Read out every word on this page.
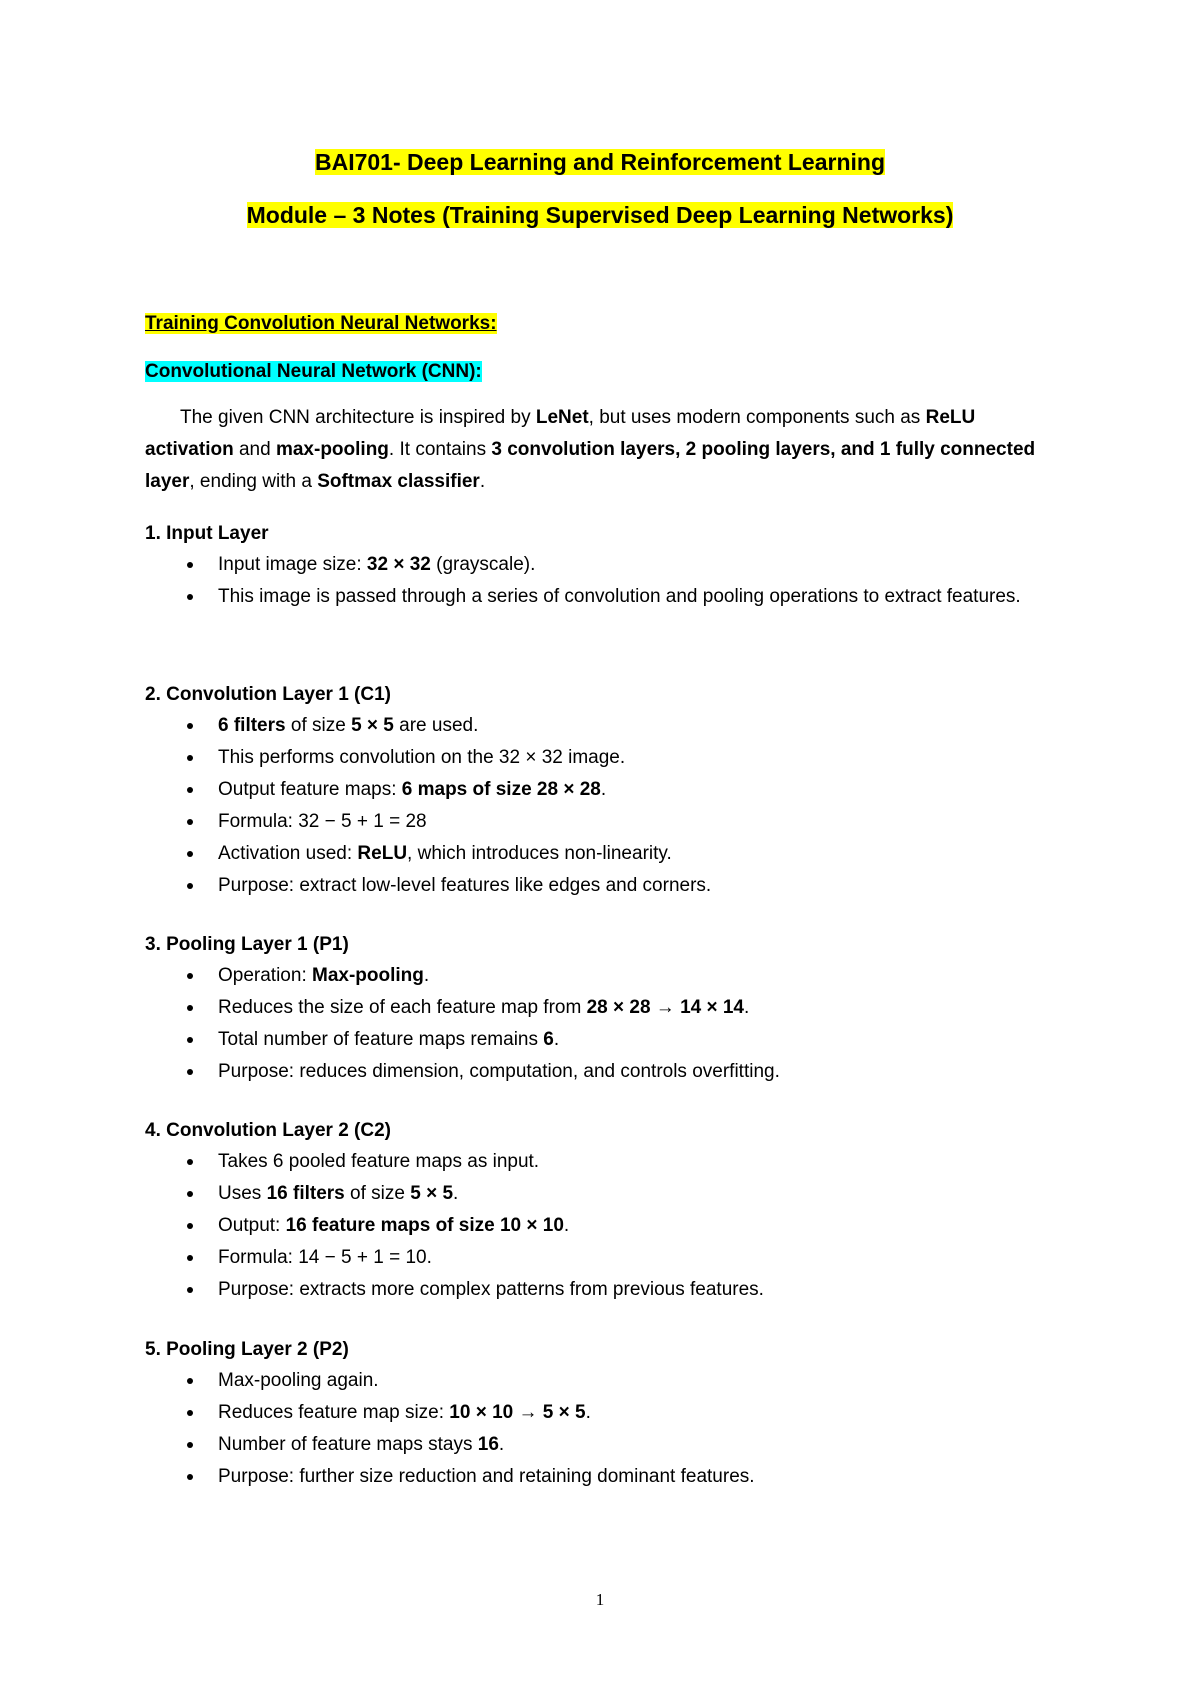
BAI701- Deep Learning and Reinforcement Learning
Module – 3 Notes (Training Supervised Deep Learning Networks)
Training Convolution Neural Networks:
Convolutional Neural Network (CNN):
The given CNN architecture is inspired by LeNet, but uses modern components such as ReLU activation and max-pooling. It contains 3 convolution layers, 2 pooling layers, and 1 fully connected layer, ending with a Softmax classifier.
1. Input Layer
Input image size: 32 × 32 (grayscale).
This image is passed through a series of convolution and pooling operations to extract features.
2. Convolution Layer 1 (C1)
6 filters of size 5 × 5 are used.
This performs convolution on the 32 × 32 image.
Output feature maps: 6 maps of size 28 × 28.
Formula: 32 − 5 + 1 = 28
Activation used: ReLU, which introduces non-linearity.
Purpose: extract low-level features like edges and corners.
3. Pooling Layer 1 (P1)
Operation: Max-pooling.
Reduces the size of each feature map from 28 × 28 → 14 × 14.
Total number of feature maps remains 6.
Purpose: reduces dimension, computation, and controls overfitting.
4. Convolution Layer 2 (C2)
Takes 6 pooled feature maps as input.
Uses 16 filters of size 5 × 5.
Output: 16 feature maps of size 10 × 10.
Formula: 14 − 5 + 1 = 10.
Purpose: extracts more complex patterns from previous features.
5. Pooling Layer 2 (P2)
Max-pooling again.
Reduces feature map size: 10 × 10 → 5 × 5.
Number of feature maps stays 16.
Purpose: further size reduction and retaining dominant features.
1
